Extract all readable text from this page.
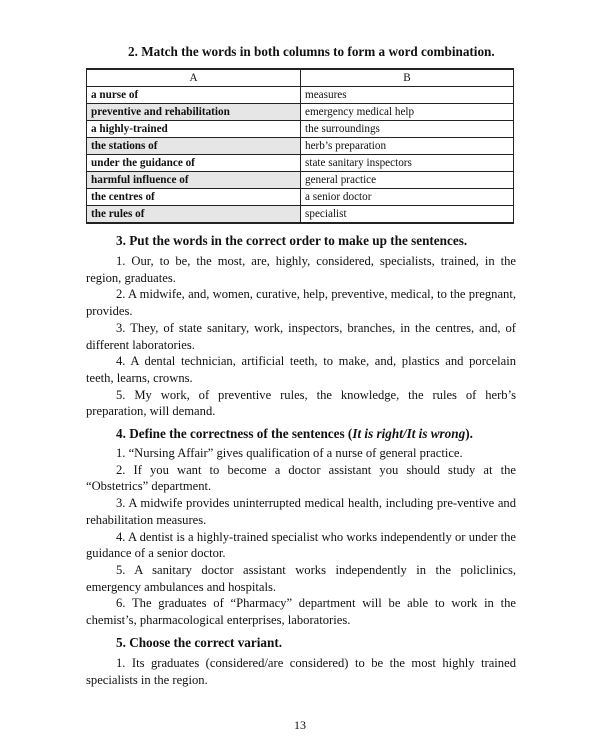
2. Match the words in both columns to form a word combination.
A	B
a nurse of	measures
preventive and rehabilitation	emergency medical help
a highly-trained	the surroundings
the stations of	herb’s preparation
under the guidance of	state sanitary inspectors
harmful influence of	general practice
the centres of	a senior doctor
the rules of	specialist
3. Put the words in the correct order to make up the sentences.

1. Our, to be, the most, are, highly, considered, specialists, trained, in the region, graduates.

2. A midwife, and, women, curative, help, preventive, medical, to the pregnant, provides.

3. They, of state sanitary, work, inspectors, branches, in the centres, and, of different laboratories.

4. A dental technician, artificial teeth, to make, and, plastics and porcelain teeth, learns, crowns.

5. My work, of preventive rules, the knowledge, the rules of herb’s preparation, will demand.

4. Define the correctness of the sentences (It is right/It is wrong).

1. “Nursing Affair” gives qualification of a nurse of general practice.

2. If you want to become a doctor assistant you should study at the “Obstetrics” department.

3. A midwife provides uninterrupted medical health, including pre-ventive and rehabilitation measures.

4. A dentist is a highly-trained specialist who works independently or under the guidance of a senior doctor.

5. A sanitary doctor assistant works independently in the policlinics, emergency ambulances and hospitals.

6. The graduates of “Pharmacy” department will be able to work in the chemist’s, pharmacological enterprises, laboratories.

5. Choose the correct variant.

1. Its graduates (considered/are considered) to be the most highly trained specialists in the region.

13
